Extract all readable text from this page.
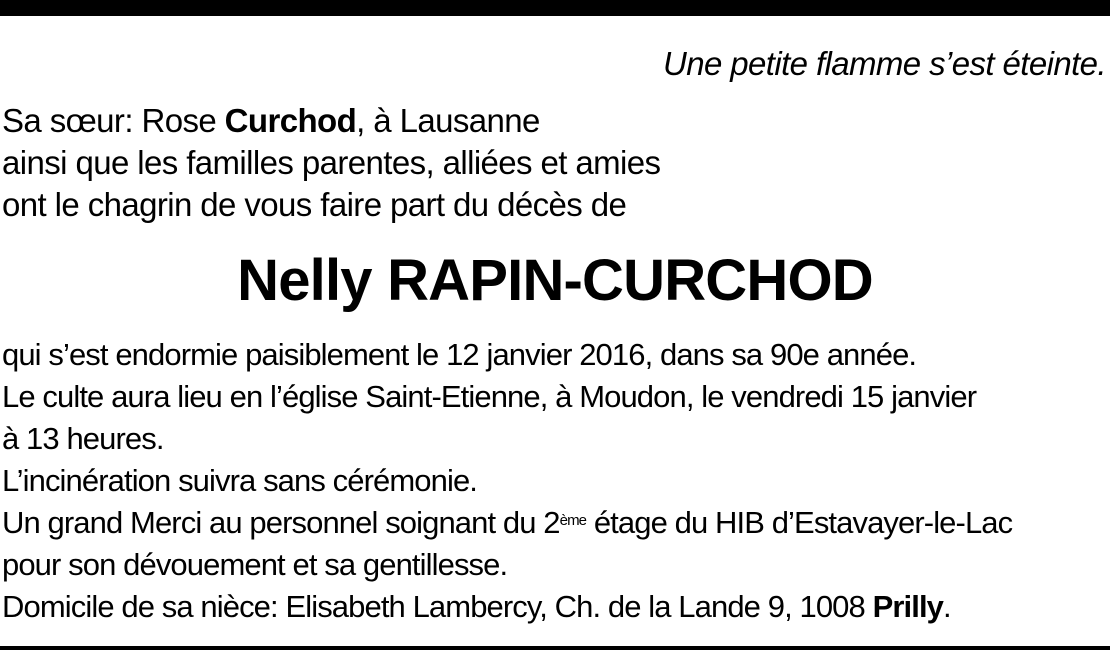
Une petite flamme s’est éteinte.
Sa sœur: Rose Curchod, à Lausanne
ainsi que les familles parentes, alliées et amies
ont le chagrin de vous faire part du décès de
Nelly RAPIN-CURCHOD
qui s’est endormie paisiblement le 12 janvier 2016, dans sa 90e année.
Le culte aura lieu en l’église Saint-Etienne, à Moudon, le vendredi 15 janvier
à 13 heures.
L’incinération suivra sans cérémonie.
Un grand Merci au personnel soignant du 2ème étage du HIB d’Estavayer-le-Lac
pour son dévouement et sa gentillesse.
Domicile de sa nièce: Elisabeth Lambercy, Ch. de la Lande 9, 1008 Prilly.
